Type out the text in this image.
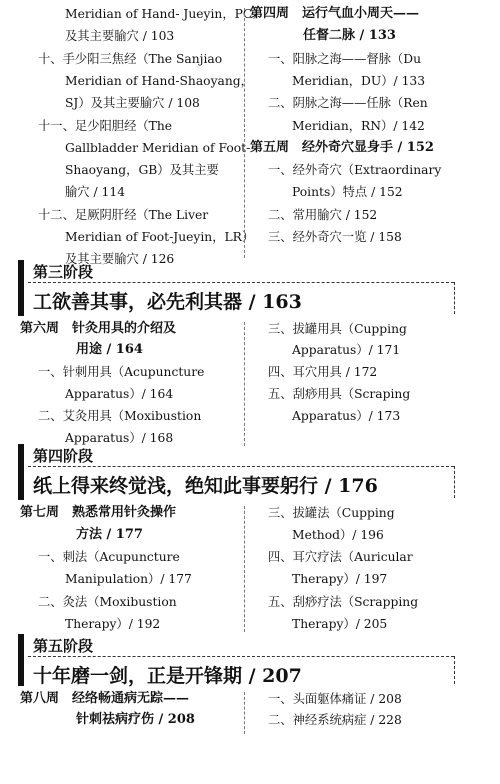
Meridian of Hand- Jueyin，PC）
及其主要腧穴 / 103
十、手少阳三焦经（The Sanjiao
Meridian of Hand-Shaoyang，
SJ）及其主要腧穴 / 108
十一、足少阳胆经（The
Gallbladder Meridian of Foot-
Shaoyang，GB）及其主要
腧穴 / 114
十二、足厥阴肝经（The Liver
Meridian of Foot-Jueyin，LR）
及其主要腧穴 / 126
第四周　运行气血小周天——
任督二脉 / 133
一、阳脉之海——督脉（Du
Meridian，DU）/ 133
二、阴脉之海——任脉（Ren
Meridian，RN）/ 142
第五周　经外奇穴显身手 / 152
一、经外奇穴（Extraordinary
Points）特点 / 152
二、常用腧穴 / 152
三、经外奇穴一览 / 158
第三阶段
工欲善其事，必先利其器 / 163
第六周　针灸用具的介绍及
用途 / 164
一、针刺用具（Acupuncture
Apparatus）/ 164
二、艾灸用具（Moxibustion
Apparatus）/ 168
三、拔罐用具（Cupping
Apparatus）/ 171
四、耳穴用具 / 172
五、刮痧用具（Scraping
Apparatus）/ 173
第四阶段
纸上得来终觉浅，绝知此事要躬行 / 176
第七周　熟悉常用针灸操作
方法 / 177
一、刺法（Acupuncture
Manipulation）/ 177
二、灸法（Moxibustion
Therapy）/ 192
三、拔罐法（Cupping
Method）/ 196
四、耳穴疗法（Auricular
Therapy）/ 197
五、刮痧疗法（Scrapping
Therapy）/ 205
第五阶段
十年磨一剑，正是开锋期 / 207
第八周　经络畅通病无踪——
针刺祛病疗伤 / 208
一、头面躯体痛证 / 208
二、神经系统病症 / 228
